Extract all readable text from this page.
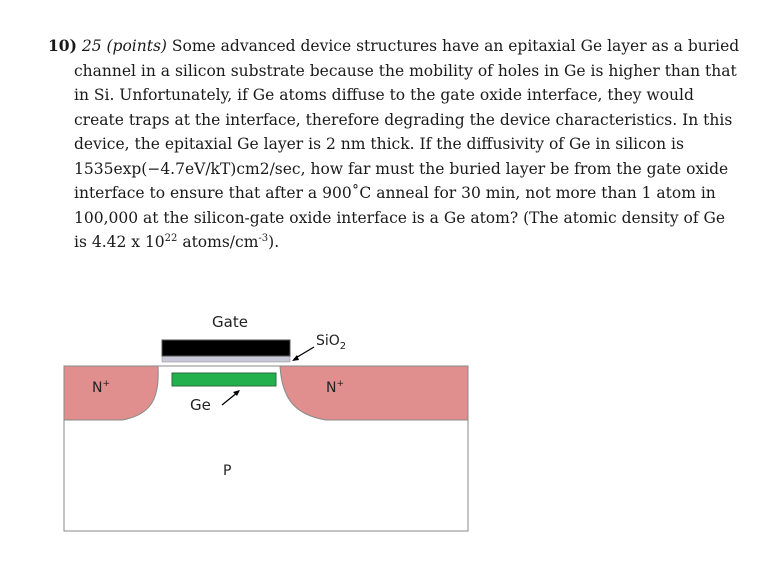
10) 25 (points) Some advanced device structures have an epitaxial Ge layer as a buried
channel in a silicon substrate because the mobility of holes in Ge is higher than that
in Si. Unfortunately, if Ge atoms diffuse to the gate oxide interface, they would
create traps at the interface, therefore degrading the device characteristics. In this
device, the epitaxial Ge layer is 2 nm thick. If the diffusivity of Ge in silicon is
1535exp(−4.7eV/kT)cm2/sec, how far must the buried layer be from the gate oxide
interface to ensure that after a 900˚C anneal for 30 min, not more than 1 atom in
100,000 at the silicon-gate oxide interface is a Ge atom? (The atomic density of Ge
is 4.42 x $10^{22}$ atoms/$cm^{-3}$).
Gate
SiO$_2$
N+	N+
Ge
P
